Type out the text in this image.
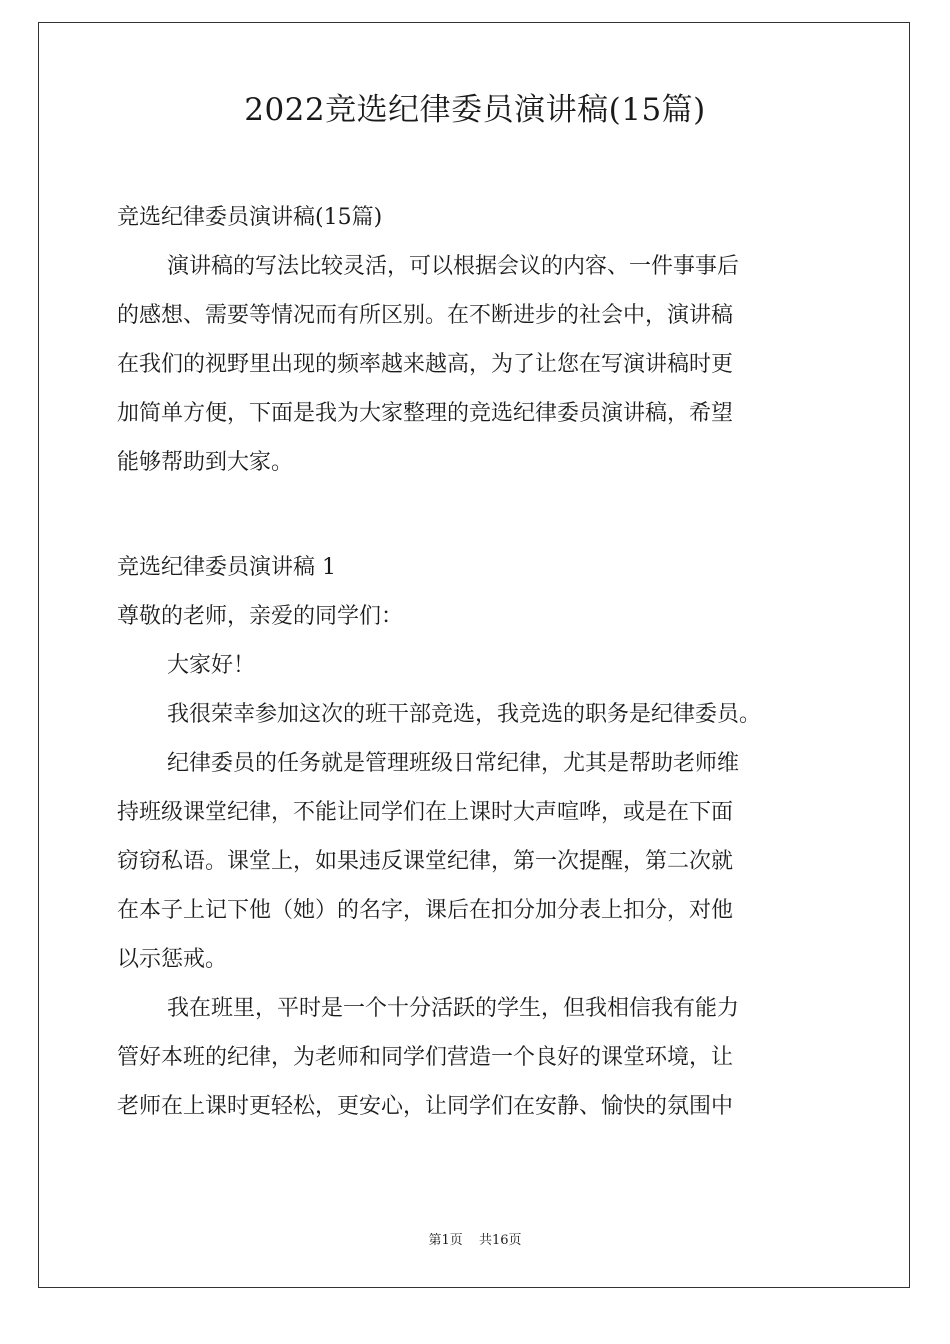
2022竞选纪律委员演讲稿(15篇)
竞选纪律委员演讲稿(15篇)
演讲稿的写法比较灵活，可以根据会议的内容、一件事事后
的感想、需要等情况而有所区别。在不断进步的社会中，演讲稿
在我们的视野里出现的频率越来越高，为了让您在写演讲稿时更
加简单方便，下面是我为大家整理的竞选纪律委员演讲稿，希望
能够帮助到大家。
竞选纪律委员演讲稿 1
尊敬的老师，亲爱的同学们：
大家好！
我很荣幸参加这次的班干部竞选，我竞选的职务是纪律委员。
纪律委员的任务就是管理班级日常纪律，尤其是帮助老师维
持班级课堂纪律，不能让同学们在上课时大声喧哗，或是在下面
窃窃私语。课堂上，如果违反课堂纪律，第一次提醒，第二次就
在本子上记下他（她）的名字，课后在扣分加分表上扣分，对他
以示惩戒。
我在班里，平时是一个十分活跃的学生，但我相信我有能力
管好本班的纪律，为老师和同学们营造一个良好的课堂环境，让
老师在上课时更轻松，更安心，让同学们在安静、愉快的氛围中
第1页 共16页
